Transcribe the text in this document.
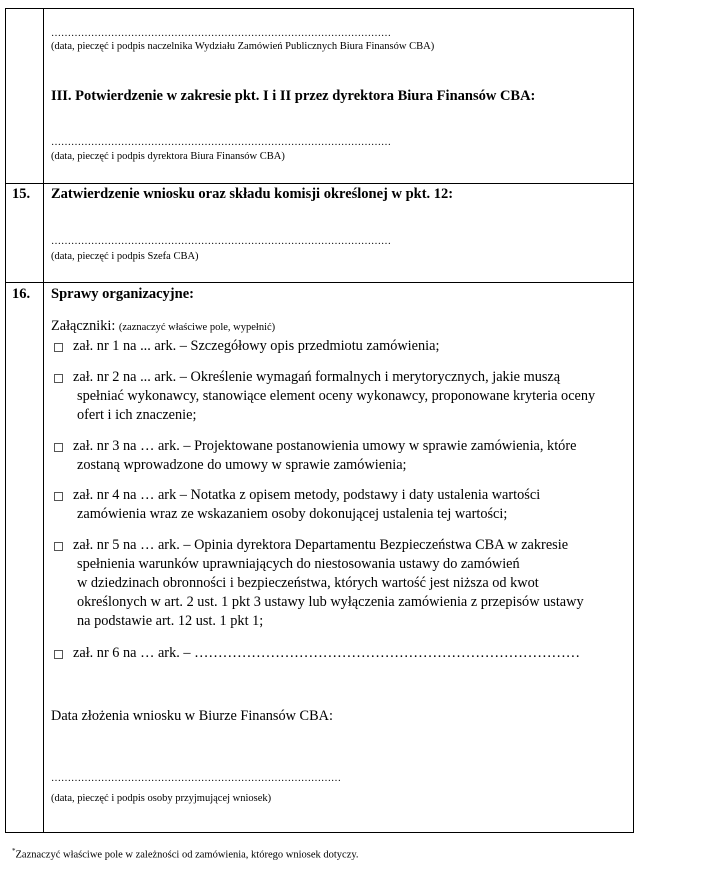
…………………………………………………………………………………………
(data, pieczęć i podpis naczelnika Wydziału Zamówień Publicznych Biura Finansów CBA)
III. Potwierdzenie w zakresie pkt. I i II przez dyrektora Biura Finansów CBA:
…………………………………………………………………………………………
(data, pieczęć i podpis dyrektora Biura Finansów CBA)
15. Zatwierdzenie wniosku oraz składu komisji określonej w pkt. 12:
…………………………………………………………………………………………
(data, pieczęć i podpis Szefa CBA)
16. Sprawy organizacyjne:
Załączniki: (zaznaczyć właściwe pole, wypełnić)
zał. nr 1 na ... ark. – Szczegółowy opis przedmiotu zamówienia;
zał. nr 2 na ... ark. – Określenie wymagań formalnych i merytorycznych, jakie muszą
spełniać wykonawcy, stanowiące element oceny wykonawcy, proponowane kryteria oceny
ofert i ich znaczenie;
zał. nr 3 na … ark. – Projektowane postanowienia umowy w sprawie zamówienia, które
zostaną wprowadzone do umowy w sprawie zamówienia;
zał. nr 4 na … ark – Notatka z opisem metody, podstawy i daty ustalenia wartości
zamówienia wraz ze wskazaniem osoby dokonującej ustalenia tej wartości;
zał. nr 5 na … ark. – Opinia dyrektora Departamentu Bezpieczeństwa CBA w zakresie
spełnienia warunków uprawniających do niestosowania ustawy do zamówień
w dziedzinach obronności i bezpieczeństwa, których wartość jest niższa od kwot
określonych w art. 2 ust. 1 pkt 3 ustawy lub wyłączenia zamówienia z przepisów ustawy
na podstawie art. 12 ust. 1 pkt 1;
zał. nr 6 na … ark. – ………………………………………………………………………
Data złożenia wniosku w Biurze Finansów CBA:
……………………………………………………………………………
(data, pieczęć i podpis osoby przyjmującej wniosek)
*Zaznaczyć właściwe pole w zależności od zamówienia, którego wniosek dotyczy.
